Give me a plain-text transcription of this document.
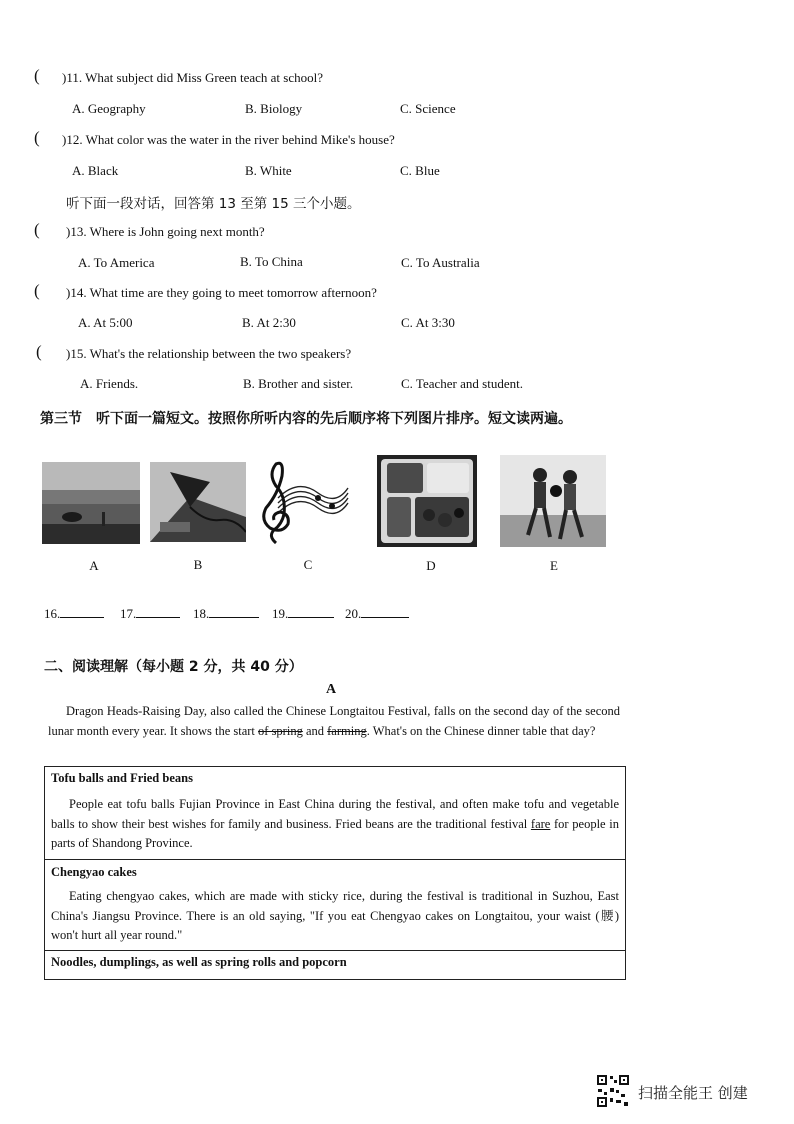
( )11. What subject did Miss Green teach at school?
A. Geography	B. Biology	C. Science
( )12. What color was the water in the river behind Mike's house?
A. Black	B. White	C. Blue
听下面一段对话，回答第 13 至第 15 三个小题。
( )13. Where is John going next month?
A. To America	B. To China	C. To Australia
( )14. What time are they going to meet tomorrow afternoon?
A. At 5:00	B. At 2:30	C. At 3:30
( )15. What's the relationship between the two speakers?
A. Friends.	B. Brother and sister.	C. Teacher and student.
第三节　听下面一篇短文。按照你所听内容的先后顺序将下列图片排序。短文读两遍。
A	B	C	D	E
16.	17.	18.	19.	20.
二、阅读理解（每小题 2 分，共 40 分）
A
Dragon Heads-Raising Day, also called the Chinese Longtaitou Festival, falls on the second day of the second lunar month every year. It shows the start of spring and farming. What's on the Chinese dinner table that day?
Tofu balls and Fried beans
People eat tofu balls Fujian Province in East China during the festival, and often make tofu and vegetable balls to show their best wishes for family and business. Fried beans are the traditional festival fare for people in parts of Shandong Province.
Chengyao cakes
Eating chengyao cakes, which are made with sticky rice, during the festival is traditional in Suzhou, East China's Jiangsu Province. There is an old saying, "If you eat Chengyao cakes on Longtaitou, your waist (腰) won't hurt all year round."
Noodles, dumplings, as well as spring rolls and popcorn
扫描全能王 创建
